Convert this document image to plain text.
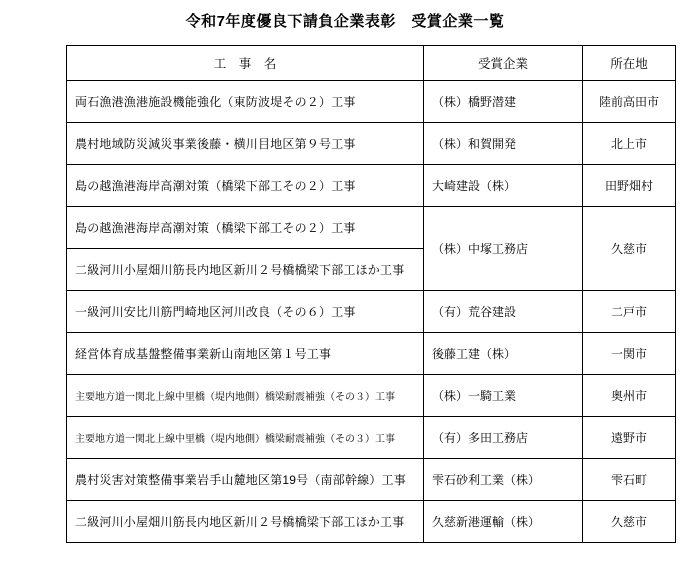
令和7年度優良下請負企業表彰　受賞企業一覧
工　事　名	受賞企業	所在地
両石漁港漁港施設機能強化（東防波堤その２）工事	（株）橋野潜建	陸前高田市
農村地域防災減災事業後藤・横川目地区第９号工事	（株）和賀開発	北上市
島の越漁港海岸高潮対策（橋梁下部工その２）工事	大崎建設（株）	田野畑村
島の越漁港海岸高潮対策（橋梁下部工その２）工事	（株）中塚工務店	久慈市
二級河川小屋畑川筋長内地区新川２号橋橋梁下部工ほか工事		
一級河川安比川筋門崎地区河川改良（その６）工事	（有）荒谷建設	二戸市
経営体育成基盤整備事業新山南地区第１号工事	後藤工建（株）	一関市
主要地方道一関北上線中里橋（堤内地側）橋梁耐震補強（その３）工事	（株）一騎工業	奥州市
主要地方道一関北上線中里橋（堤内地側）橋梁耐震補強（その３）工事	（有）多田工務店	遠野市
農村災害対策整備事業岩手山麓地区第19号（南部幹線）工事	雫石砂利工業（株）	雫石町
二級河川小屋畑川筋長内地区新川２号橋橋梁下部工ほか工事	久慈新港運輸（株）	久慈市
